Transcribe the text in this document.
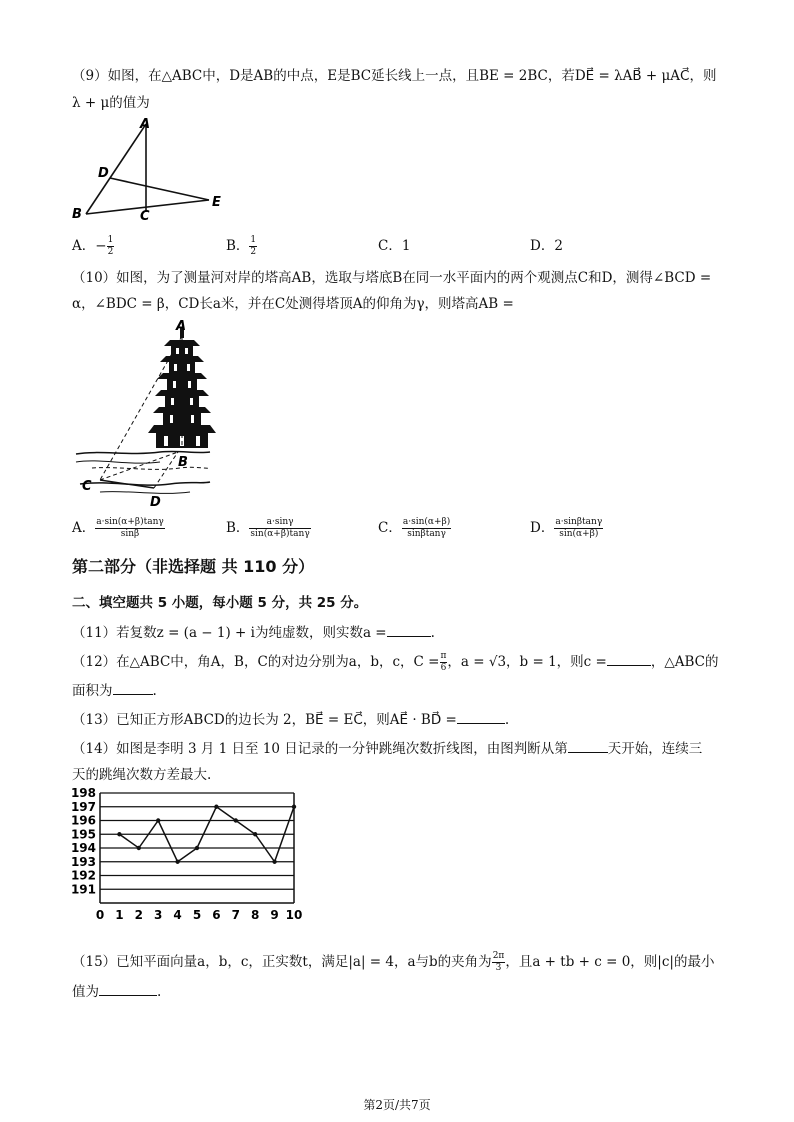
（9）如图，在△ABC中，D是AB的中点，E是BC延长线上一点，且BE = 2BC，若DE⃗ = λAB⃗ + μAC⃗，则
λ + μ的值为
A
D
B	C
E
A．− $\frac{1}{2}$	B． $\frac{1}{2}$	C．1	D．2
（10）如图，为了测量河对岸的塔高AB，选取与塔底B在同一水平面内的两个观测点C和D，测得∠BCD =
α，∠BDC = β，CD长a米，并在C处测得塔顶A的仰角为γ，则塔高AB =
A
B
C
D
A． $\frac{a\cdot\sin(\alpha+\beta)\tan\gamma}{\sin\beta}$	B． $\frac{a\cdot\sin\gamma}{\sin(\alpha+\beta)\tan\gamma}$	C． $\frac{a\cdot\sin(\alpha+\beta)}{\sin\beta\tan\gamma}$	D． $\frac{a\cdot\sin\beta\tan\gamma}{\sin(\alpha+\beta)}$
第二部分（非选择题 共 110 分）
二、填空题共 5 小题，每小题 5 分，共 25 分。
（11）若复数z = (a − 1) + i为纯虚数，则实数a =	.
（12）在△ABC中，角A，B，C的对边分别为a，b，c，$C = \frac{\pi}{6}$ ，a = √3，b = 1，则c =	，△ABC的
面积为	.
（13）已知正方形ABCD的边长为 2，BE⃗ = EC⃗，则AE⃗ · BD⃗ =	.
（14）如图是李明 3 月 1 日至 10 日记录的一分钟跳绳次数折线图，由图判断从第	天开始，连续三
天的跳绳次数方差最大.
191
192
193
194
195
196
197
198
0 1 2 3 4 5 6 7 8 9 10
（15）已知平面向量a，b，c，正实数t，满足|a| = 4，a与b的夹角为 $\frac{2\pi}{3}$ ，且a + tb + c = 0，则|c|的最小
值为	.
第2页/共7页
